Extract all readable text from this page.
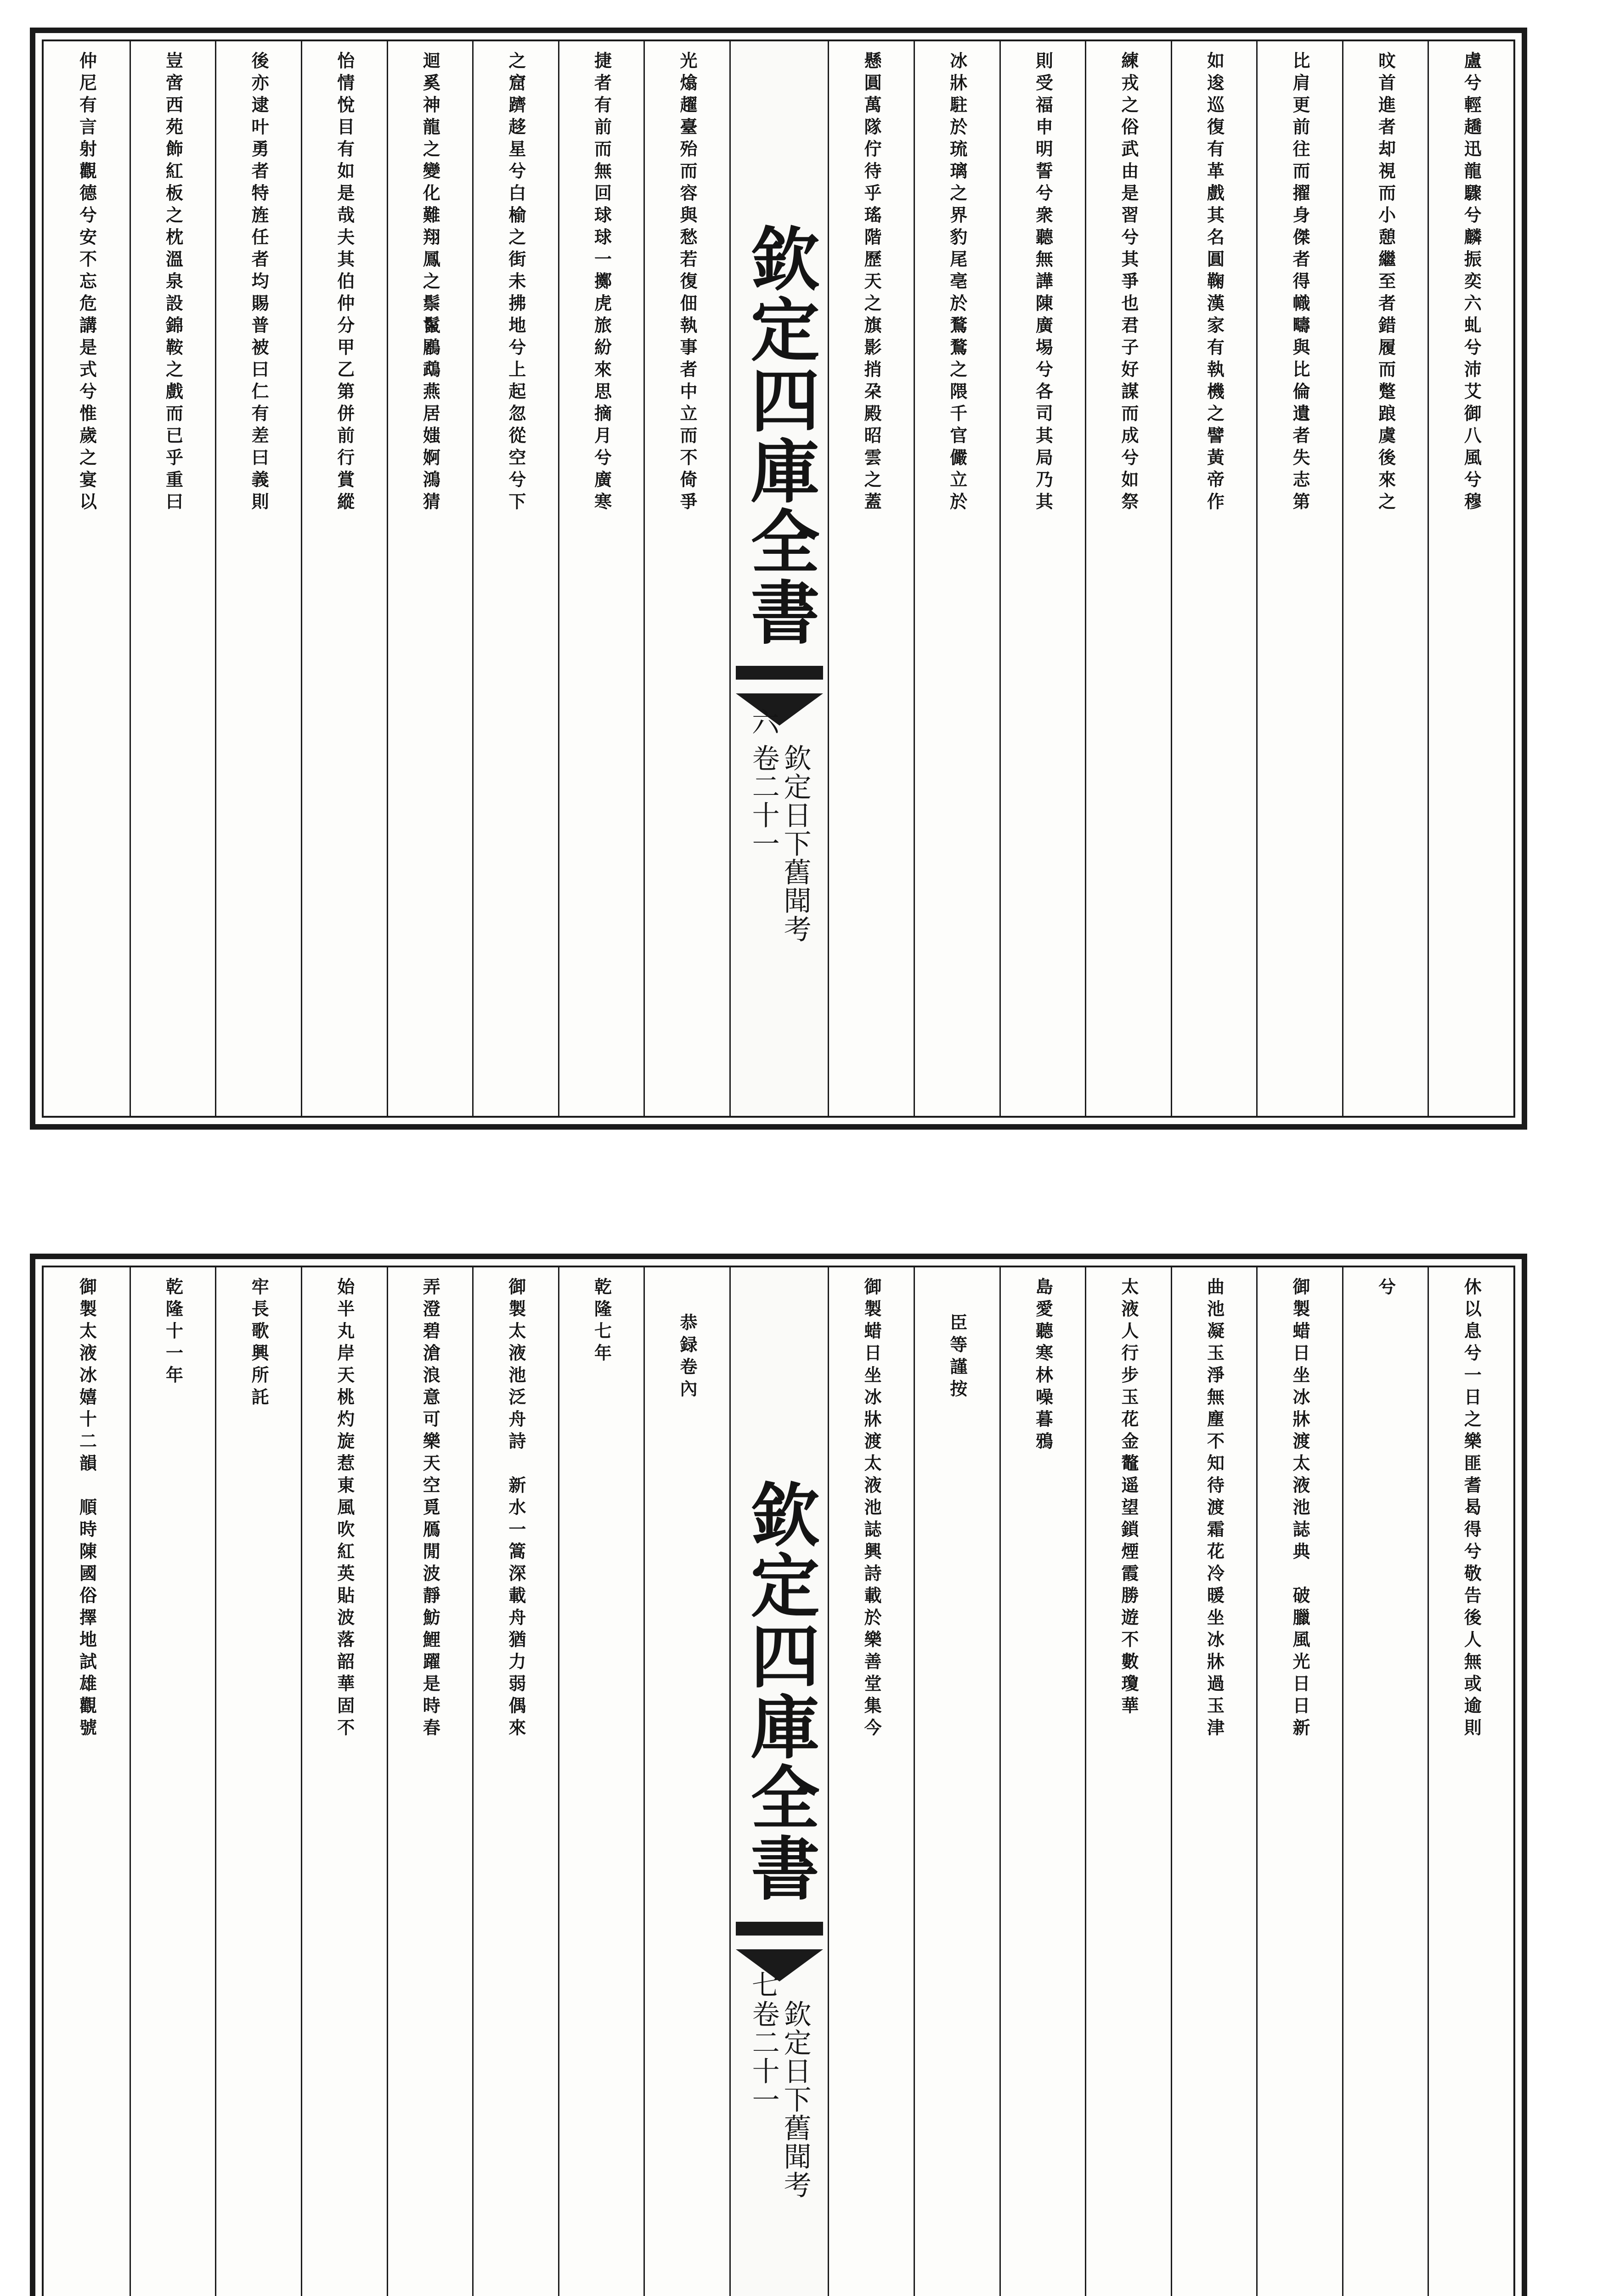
盧兮輕趫迅龍驟兮麟振奕六虬兮沛艾御八風兮穆
旼首進者却視而小憩繼至者錯履而蹩踉虞後來之
比肩更前往而擢身傑者得幟疇與比倫遺者失志第
如逡巡復有革戲其名圓鞠漢家有執機之譬黃帝作
練戎之俗武由是習兮其爭也君子好謀而成兮如祭
則受福申明誓兮衆聽無譁陳廣埸兮各司其局乃其
冰牀駐於琉璃之界豹尾亳於鶩鶩之隈千官儼立於
懸圓萬隊佇待乎瑤階歷天之旗影捎朶殿昭雲之蓋
欽定四庫全書
欽定日下舊聞考
卷二十一
六
光熻趯臺殆而容與愁若復佃執事者中立而不倚爭
捷者有前而無回球球一擲虎旅紛來思摘月兮廣寒
之窟躋趍星兮白榆之街未拂地兮上起忽從空兮下
迴奚神龍之變化難翔鳳之鬃鬣鷵鵡燕居媸婀鴻猜
怡情悅目有如是哉夫其伯仲分甲乙第併前行賞縱
後亦逮叶勇者特旌任者均賜普被曰仁有差曰義則
豈啻西苑飾紅板之枕溫泉設錦鞍之戲而已乎重曰
仲尼有言射觀德兮安不忘危講是式兮惟歲之宴以
休以息兮一日之樂匪耆曷得兮敬告後人無或逾則
兮
御製蜡日坐冰牀渡太液池誌典　破臘風光日日新
曲池凝玉淨無塵不知待渡霜花冷暖坐冰牀過玉津
太液人行步玉花金鼇遥望鎖煙霞勝遊不數瓊華
島愛聽寒林噪暮鴉
臣等謹按
御製蜡日坐冰牀渡太液池誌興詩載於樂善堂集今
欽定四庫全書
欽定日下舊聞考
卷二十一
七
恭録卷內
乾隆七年
御製太液池泛舟詩　新水一篙深載舟猶力弱偶來
弄澄碧滄浪意可樂天空覓鴈閒波靜魴鯉躍是時春
始半丸岸天桃灼旋惹東風吹紅英貼波落韶華固不
牢長歌興所託
乾隆十一年
御製太液冰嬉十二韻　順時陳國俗擇地試雄觀號
